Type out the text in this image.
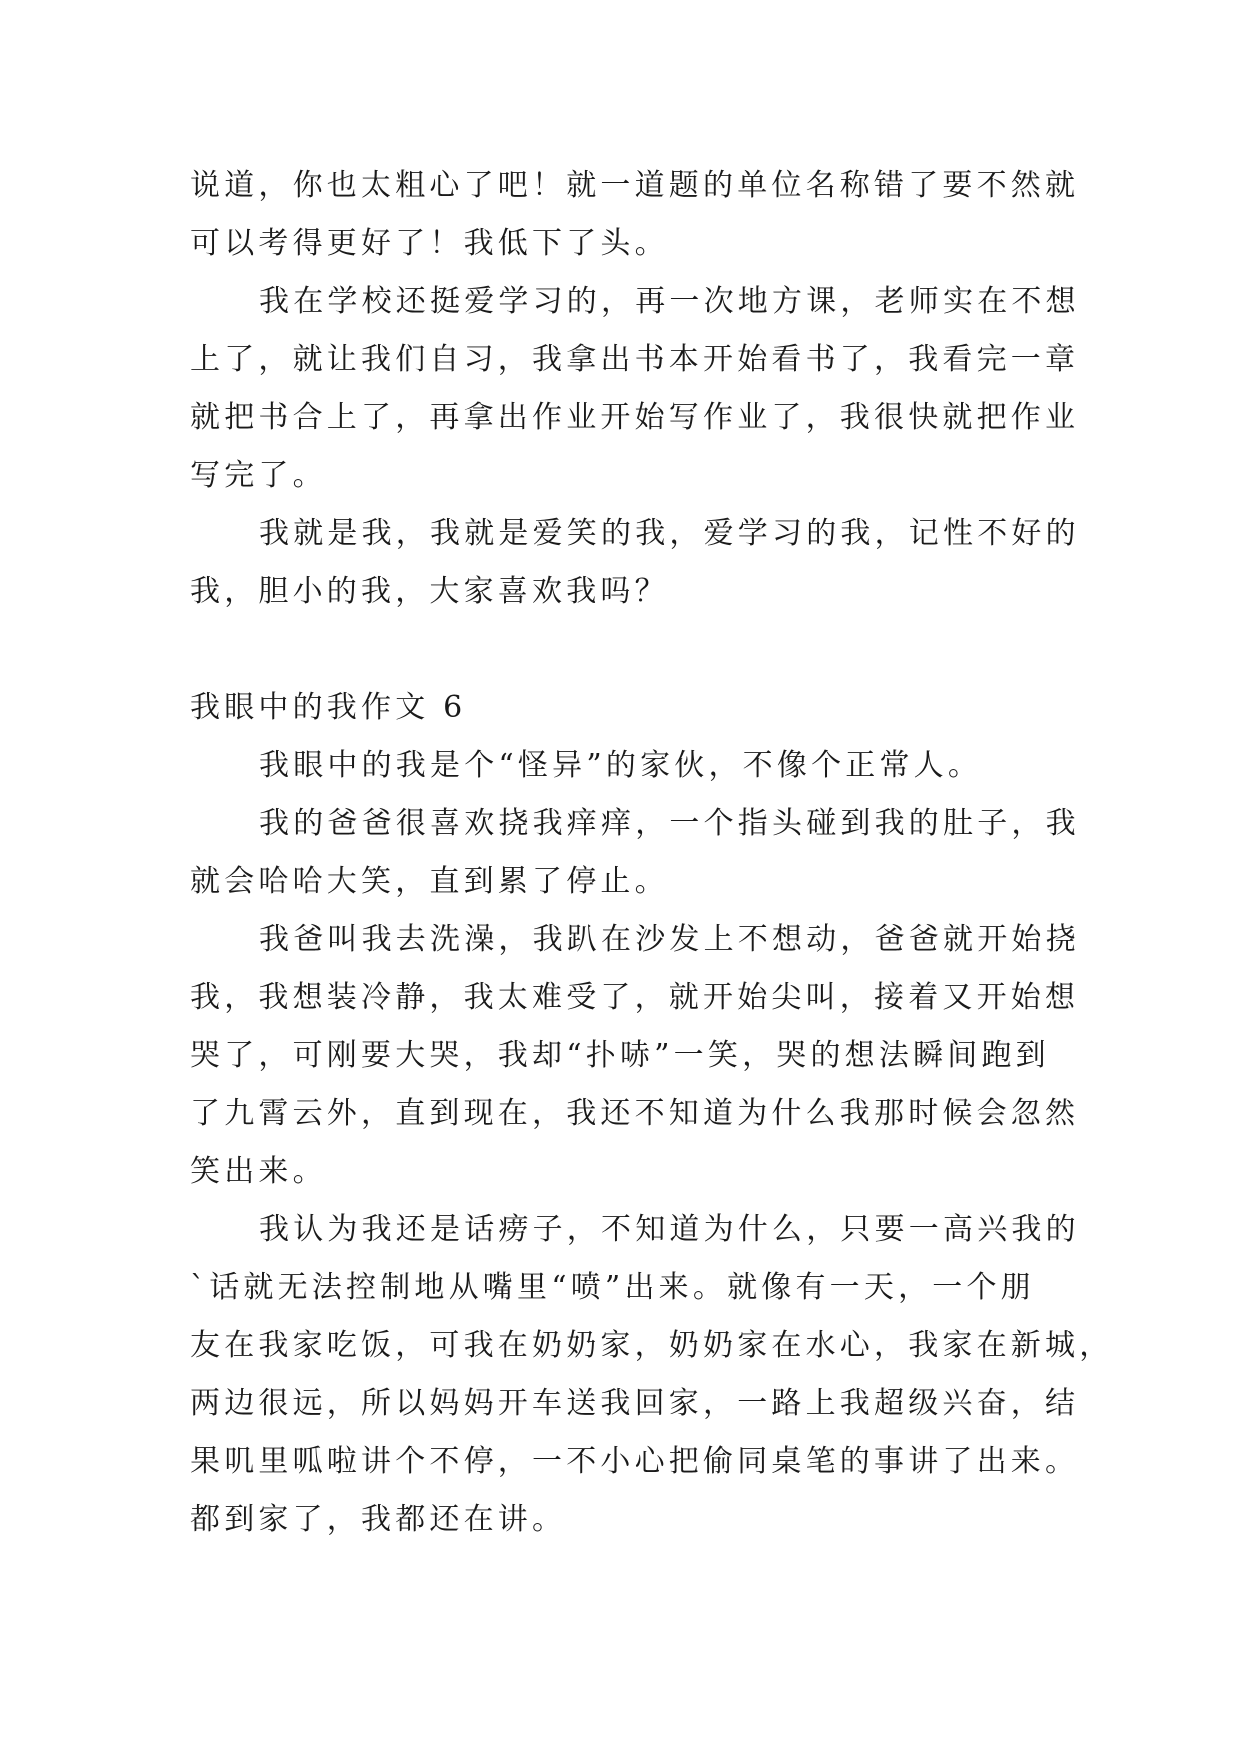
说道，你也太粗心了吧！就一道题的单位名称错了要不然就
可以考得更好了！我低下了头。
我在学校还挺爱学习的，再一次地方课，老师实在不想
上了，就让我们自习，我拿出书本开始看书了，我看完一章
就把书合上了，再拿出作业开始写作业了，我很快就把作业
写完了。
我就是我，我就是爱笑的我，爱学习的我，记性不好的
我，胆小的我，大家喜欢我吗？
我眼中的我作文 6
我眼中的我是个“怪异”的家伙，不像个正常人。
我的爸爸很喜欢挠我痒痒，一个指头碰到我的肚子，我
就会哈哈大笑，直到累了停止。
我爸叫我去洗澡，我趴在沙发上不想动，爸爸就开始挠
我，我想装冷静，我太难受了，就开始尖叫，接着又开始想
哭了，可刚要大哭，我却“扑哧”一笑，哭的想法瞬间跑到
了九霄云外，直到现在，我还不知道为什么我那时候会忽然
笑出来。
我认为我还是话痨子，不知道为什么，只要一高兴我的
`话就无法控制地从嘴里“喷”出来。就像有一天，一个朋
友在我家吃饭，可我在奶奶家，奶奶家在水心，我家在新城，
两边很远，所以妈妈开车送我回家，一路上我超级兴奋，结
果叽里呱啦讲个不停，一不小心把偷同桌笔的事讲了出来。
都到家了，我都还在讲。
